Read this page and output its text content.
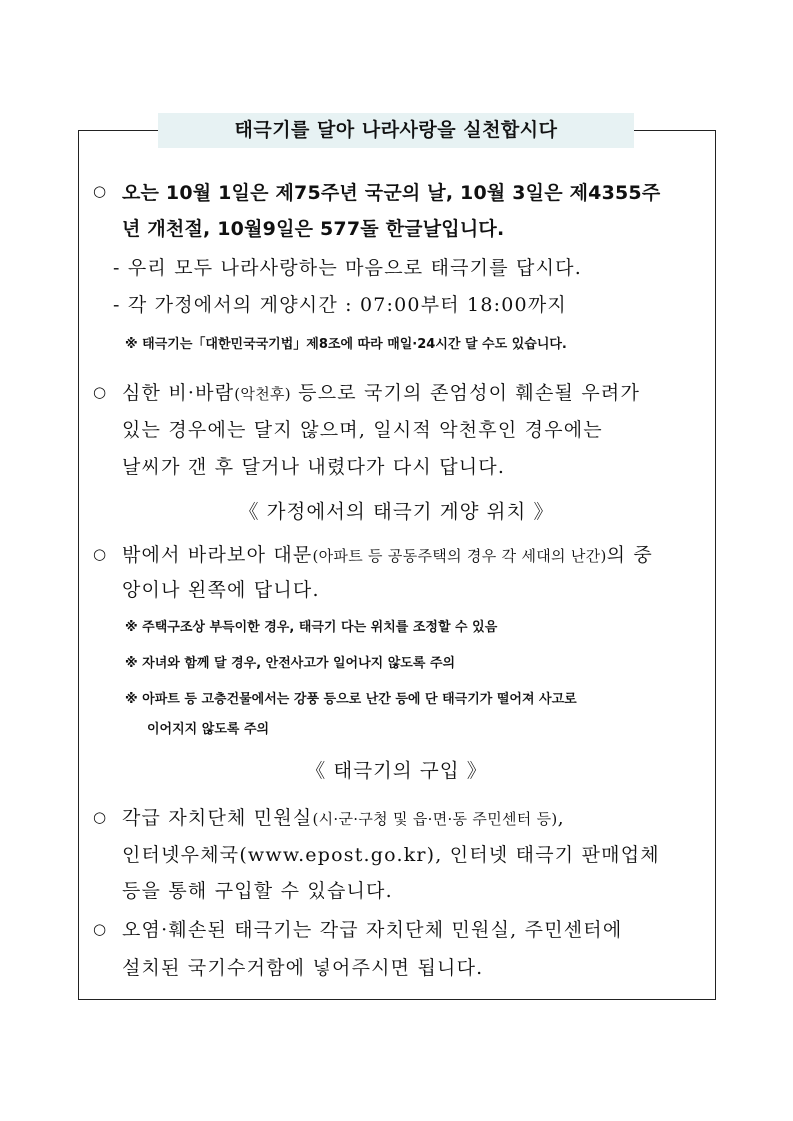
태극기를 달아 나라사랑을 실천합시다
○ 오는 10월 1일은 제75주년 국군의 날, 10월 3일은 제4355주
년 개천절, 10월9일은 577돌 한글날입니다.
- 우리 모두 나라사랑하는 마음으로 태극기를 답시다.
- 각 가정에서의 게양시간 : 07:00부터 18:00까지
※ 태극기는「대한민국국기법」제8조에 따라 매일·24시간 달 수도 있습니다.
○ 심한 비·바람(악천후) 등으로 국기의 존엄성이 훼손될 우려가
있는 경우에는 달지 않으며, 일시적 악천후인 경우에는
날씨가 갠 후 달거나 내렸다가 다시 답니다.
《 가정에서의 태극기 게양 위치 》
○ 밖에서 바라보아 대문(아파트 등 공동주택의 경우 각 세대의 난간)의 중
앙이나 왼쪽에 답니다.
※ 주택구조상 부득이한 경우, 태극기 다는 위치를 조정할 수 있음
※ 자녀와 함께 달 경우, 안전사고가 일어나지 않도록 주의
※ 아파트 등 고층건물에서는 강풍 등으로 난간 등에 단 태극기가 떨어져 사고로
이어지지 않도록 주의
《 태극기의 구입 》
○ 각급 자치단체 민원실(시·군·구청 및 읍·면·동 주민센터 등),
인터넷우체국(www.epost.go.kr), 인터넷 태극기 판매업체
등을 통해 구입할 수 있습니다.
○ 오염·훼손된 태극기는 각급 자치단체 민원실, 주민센터에
설치된 국기수거함에 넣어주시면 됩니다.
